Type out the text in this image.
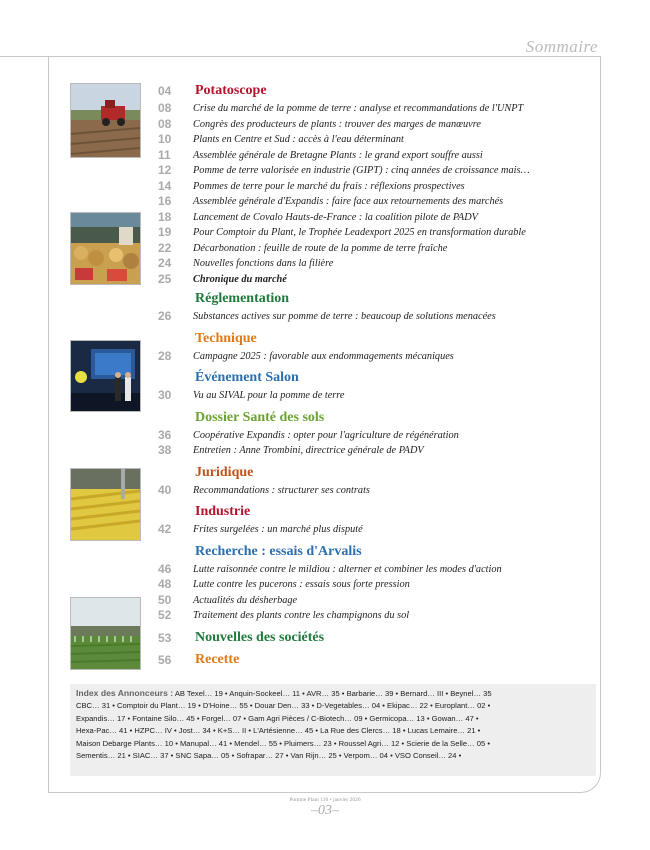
Sommaire
04 Potatoscope
08	Crise du marché de la pomme de terre : analyse et recommandations de l'UNPT
08	Congrès des producteurs de plants : trouver des marges de manœuvre
10	Plants en Centre et Sud : accès à l'eau déterminant
11	Assemblée générale de Bretagne Plants : le grand export souffre aussi
12	Pomme de terre valorisée en industrie (GIPT) : cinq années de croissance mais…
14	Pommes de terre pour le marché du frais : réflexions prospectives
16	Assemblée générale d'Expandis : faire face aux retournements des marchés
18	Lancement de Covalo Hauts-de-France : la coalition pilote de PADV
19	Pour Comptoir du Plant, le Trophée Leadexport 2025 en transformation durable
22	Décarbonation : feuille de route de la pomme de terre fraîche
24	Nouvelles fonctions dans la filière
25	Chronique du marché
Réglementation
26	Substances actives sur pomme de terre : beaucoup de solutions menacées
Technique
28	Campagne 2025 : favorable aux endommagements mécaniques
Événement Salon
30	Vu au SIVAL pour la pomme de terre
Dossier Santé des sols
36	Coopérative Expandis : opter pour l'agriculture de régénération
38	Entretien : Anne Trombini, directrice générale de PADV
Juridique
40	Recommandations : structurer ses contrats
Industrie
42	Frites surgelées : un marché plus disputé
Recherche : essais d'Arvalis
46	Lutte raisonnée contre le mildiou : alterner et combiner les modes d'action
48	Lutte contre les pucerons : essais sous forte pression
50	Actualités du désherbage
52	Traitement des plants contre les champignons du sol
53 Nouvelles des sociétés
56 Recette
Index des Annonceurs : AB Texel… 19 • Anquin-Sockeel… 11 • AVR… 35 • Barbarie… 39 • Bernard… III • Beynel… 35
CBC… 31 • Comptoir du Plant… 19 • D'Hoine… 55 • Douar Den… 33 • D-Vegetables… 04 • Ekipac… 22 • Europlant… 02 •
Expandis… 17 • Fontaine Silo… 45 • Forgel… 07 • Gam Agri Pièces / C-Biotech… 09 • Germicopa… 13 • Gowan… 47 •
Hexa-Pac… 41 • HZPC… IV • Jost… 34 • K+S… II • L'Artésienne… 45 • La Rue des Clercs… 18 • Lucas Lemaire… 21 •
Maison Debarge Plants… 10 • Manupal… 41 • Mendel… 55 • Pluimers… 23 • Roussel Agri… 12 • Scierie de la Selle… 05 •
Sementis… 21 • SIAC… 37 • SNC Sapa… 05 • Sofrapar… 27 • Van Rijn… 25 • Verpom… 04 • VSO Conseil… 24 •
Pomme Plant 116 • janvier 2026
–03–
